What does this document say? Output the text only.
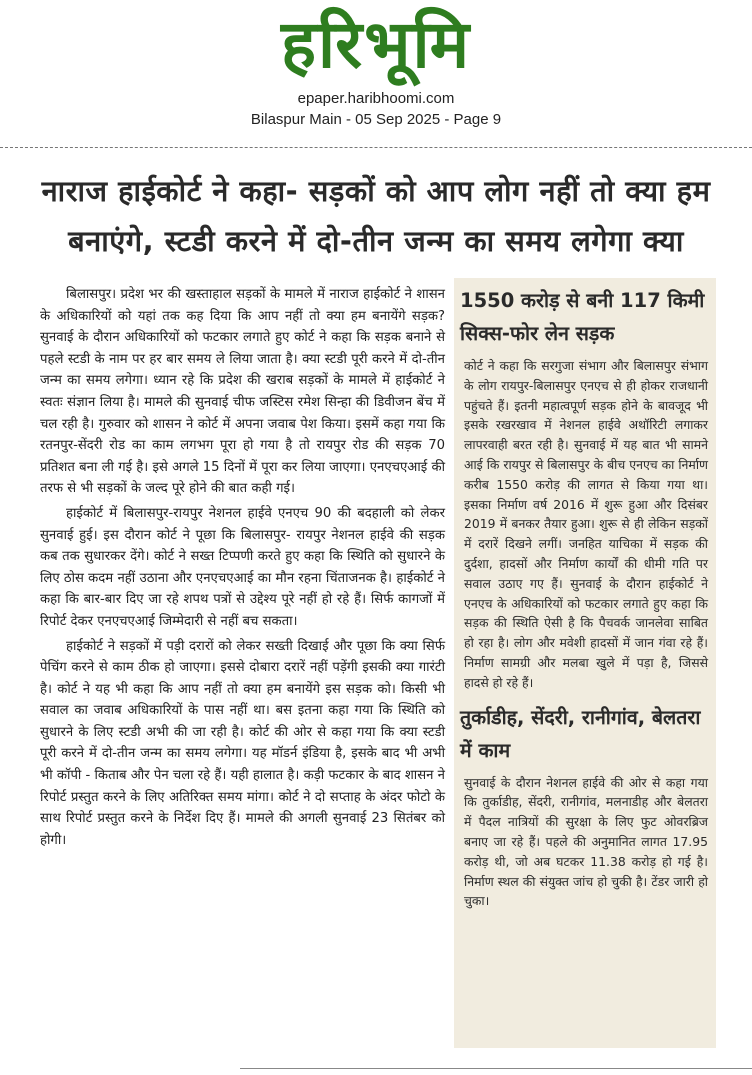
हरिभूमि
epaper.haribhoomi.com
Bilaspur Main - 05 Sep 2025 - Page 9
नाराज हाईकोर्ट ने कहा- सड़कों को आप लोग नहीं तो क्या हम बनाएंगे, स्टडी करने में दो-तीन जन्म का समय लगेगा क्या

बिलासपुर। प्रदेश भर की खस्ताहाल सड़कों के मामले में नाराज हाईकोर्ट ने शासन के अधिकारियों को यहां तक कह दिया कि आप नहीं तो क्या हम बनायेंगे सड़क? सुनवाई के दौरान अधिकारियों को फटकार लगाते हुए कोर्ट ने कहा कि सड़क बनाने से पहले स्टडी के नाम पर हर बार समय ले लिया जाता है। क्या स्टडी पूरी करने में दो-तीन जन्म का समय लगेगा। ध्यान रहे कि प्रदेश की खराब सड़कों के मामले में हाईकोर्ट ने स्वतः संज्ञान लिया है। मामले की सुनवाई चीफ जस्टिस रमेश सिन्हा की डिवीजन बेंच में चल रही है। गुरुवार को शासन ने कोर्ट में अपना जवाब पेश किया। इसमें कहा गया कि रतनपुर-सेंदरी रोड का काम लगभग पूरा हो गया है तो रायपुर रोड की सड़क 70 प्रतिशत बना ली गई है। इसे अगले 15 दिनों में पूरा कर लिया जाएगा। एनएचएआई की तरफ से भी सड़कों के जल्द पूरे होने की बात कही गई।

हाईकोर्ट में बिलासपुर-रायपुर नेशनल हाईवे एनएच 90 की बदहाली को लेकर सुनवाई हुई। इस दौरान कोर्ट ने पूछा कि बिलासपुर- रायपुर नेशनल हाईवे की सड़क कब तक सुधारकर देंगे। कोर्ट ने सख्त टिप्पणी करते हुए कहा कि स्थिति को सुधारने के लिए ठोस कदम नहीं उठाना और एनएचएआई का मौन रहना चिंताजनक है। हाईकोर्ट ने कहा कि बार-बार दिए जा रहे शपथ पत्रों से उद्देश्य पूरे नहीं हो रहे हैं। सिर्फ कागजों में रिपोर्ट देकर एनएचएआई जिम्मेदारी से नहीं बच सकता।

हाईकोर्ट ने सड़कों में पड़ी दरारों को लेकर सख्ती दिखाई और पूछा कि क्या सिर्फ पेचिंग करने से काम ठीक हो जाएगा। इससे दोबारा दरारें नहीं पड़ेंगी इसकी क्या गारंटी है। कोर्ट ने यह भी कहा कि आप नहीं तो क्या हम बनायेंगे इस सड़क को। किसी भी सवाल का जवाब अधिकारियों के पास नहीं था। बस इतना कहा गया कि स्थिति को सुधारने के लिए स्टडी अभी की जा रही है। कोर्ट की ओर से कहा गया कि क्या स्टडी पूरी करने में दो-तीन जन्म का समय लगेगा। यह मॉडर्न इंडिया है, इसके बाद भी अभी भी कॉपी - किताब और पेन चला रहे हैं। यही हालात है। कड़ी फटकार के बाद शासन ने रिपोर्ट प्रस्तुत करने के लिए अतिरिक्त समय मांगा। कोर्ट ने दो सप्ताह के अंदर फोटो के साथ रिपोर्ट प्रस्तुत करने के निर्देश दिए हैं। मामले की अगली सुनवाई 23 सितंबर को होगी।

1550 करोड़ से बनी 117 किमी सिक्स-फोर लेन सड़क
कोर्ट ने कहा कि सरगुजा संभाग और बिलासपुर संभाग के लोग रायपुर-बिलासपुर एनएच से ही होकर राजधानी पहुंचते हैं। इतनी महात्वपूर्ण सड़क होने के बावजूद भी इसके रखरखाव में नेशनल हाईवे अथॉरिटी लगाकर लापरवाही बरत रही है। सुनवाई में यह बात भी सामने आई कि रायपुर से बिलासपुर के बीच एनएच का निर्माण करीब 1550 करोड़ की लागत से किया गया था। इसका निर्माण वर्ष 2016 में शुरू हुआ और दिसंबर 2019 में बनकर तैयार हुआ। शुरू से ही लेकिन सड़कों में दरारें दिखने लगीं। जनहित याचिका में सड़क की दुर्दशा, हादसों और निर्माण कार्यों की धीमी गति पर सवाल उठाए गए हैं। सुनवाई के दौरान हाईकोर्ट ने एनएच के अधिकारियों को फटकार लगाते हुए कहा कि सड़क की स्थिति ऐसी है कि पैचवर्क जानलेवा साबित हो रहा है। लोग और मवेशी हादसों में जान गंवा रहे हैं। निर्माण सामग्री और मलबा खुले में पड़ा है, जिससे हादसे हो रहे हैं।
तुर्काडीह, सेंदरी, रानीगांव, बेलतरा में काम
सुनवाई के दौरान नेशनल हाईवे की ओर से कहा गया कि तुर्काडीह, सेंदरी, रानीगांव, मलनाडीह और बेलतरा में पैदल नात्रियों की सुरक्षा के लिए फुट ओवरब्रिज बनाए जा रहे हैं। पहले की अनुमानित लागत 17.95 करोड़ थी, जो अब घटकर 11.38 करोड़ हो गई है। निर्माण स्थल की संयुक्त जांच हो चुकी है। टेंडर जारी हो चुका।
